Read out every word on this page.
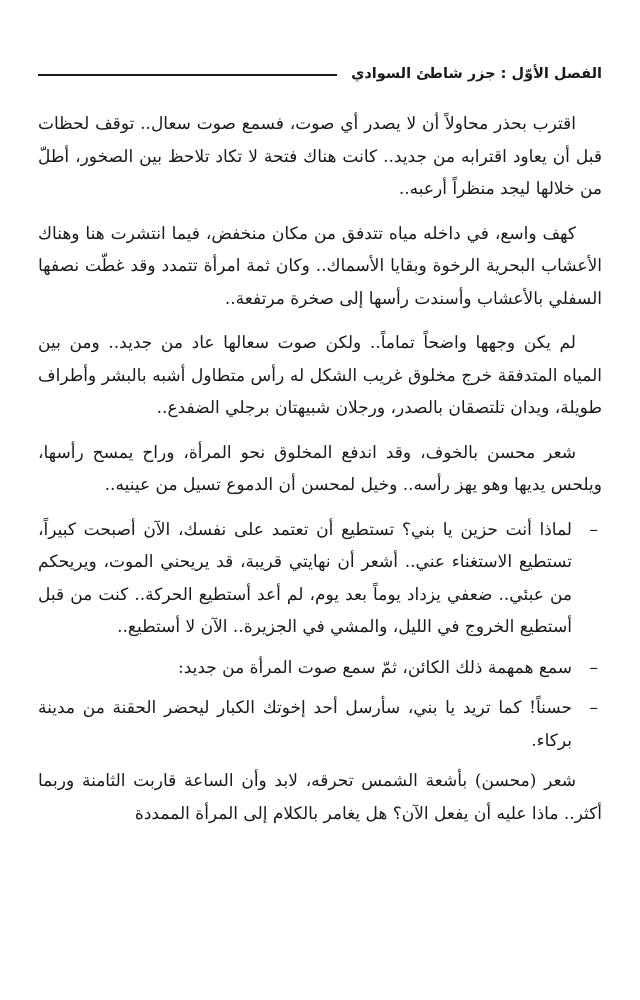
الفصل الأوّل : جزر شاطئ السوادي

اقترب بحذر محاولاً أن لا يصدر أي صوت، فسمع صوت سعال.. توقف لحظات قبل أن يعاود اقترابه من جديد.. كانت هناك فتحة لا تكاد تلاحظ بين الصخور، أطلّ من خلالها ليجد منظراً أرعبه..

كهف واسع، في داخله مياه تتدفق من مكان منخفض، فيما انتشرت هنا وهناك الأعشاب البحرية الرخوة وبقايا الأسماك.. وكان ثمة امرأة تتمدد وقد غطّت نصفها السفلي بالأعشاب وأسندت رأسها إلى صخرة مرتفعة..

لم يكن وجهها واضحاً تماماً.. ولكن صوت سعالها عاد من جديد.. ومن بين المياه المتدفقة خرج مخلوق غريب الشكل له رأس متطاول أشبه بالبشر وأطراف طويلة، ويدان تلتصقان بالصدر، ورجلان شبيهتان برجلي الضفدع..

شعر محسن بالخوف، وقد اندفع المخلوق نحو المرأة، وراح يمسح رأسها، ويلحس يديها وهو يهز رأسه.. وخيل لمحسن أن الدموع تسيل من عينيه..

–
لماذا أنت حزين يا بني؟ تستطيع أن تعتمد على نفسك، الآن أصبحت كبيراً، تستطيع الاستغناء عني.. أشعر أن نهايتي قريبة، قد يريحني الموت، ويريحكم من عبئي.. ضعفي يزداد يوماً بعد يوم، لم أعد أستطيع الحركة.. كنت من قبل أستطيع الخروج في الليل، والمشي في الجزيرة.. الآن لا أستطيع..

–
سمع همهمة ذلك الكائن، ثمّ سمع صوت المرأة من جديد:

–
حسناً! كما تريد يا بني، سأرسل أحد إخوتك الكبار ليحضر الحقنة من مدينة بركاء.

شعر (محسن) بأشعة الشمس تحرقه، لابد وأن الساعة قاربت الثامنة وربما أكثر.. ماذا عليه أن يفعل الآن؟ هل يغامر بالكلام إلى المرأة الممددة
